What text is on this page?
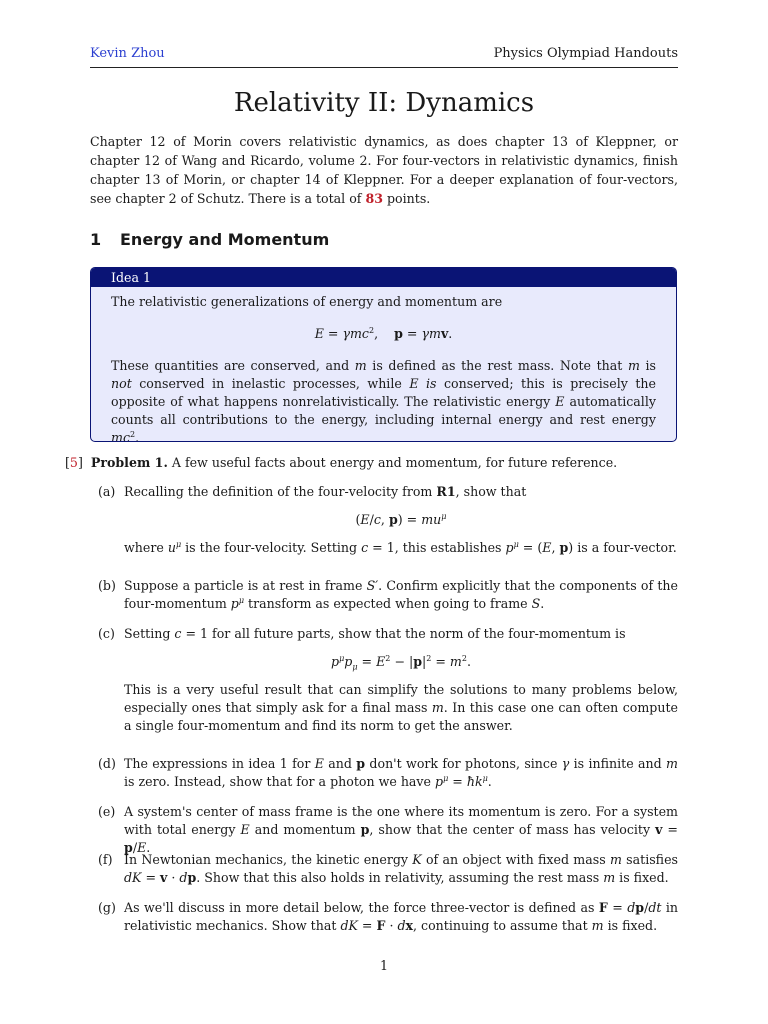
Kevin Zhou	Physics Olympiad Handouts
Relativity II: Dynamics

Chapter 12 of Morin covers relativistic dynamics, as does chapter 13 of Kleppner, or chapter 12 of Wang and Ricardo, volume 2. For four-vectors in relativistic dynamics, finish chapter 13 of Morin, or chapter 14 of Kleppner. For a deeper explanation of four-vectors, see chapter 2 of Schutz. There is a total of 83 points.

1 Energy and Momentum
Idea 1

The relativistic generalizations of energy and momentum are

E = γmc$^2$,    p = γmv.

These quantities are conserved, and m is defined as the rest mass. Note that m is not conserved in inelastic processes, while E is conserved; this is precisely the opposite of what happens nonrelativistically. The relativistic energy E automatically counts all contributions to the energy, including internal energy and rest energy $mc^2$.

[5]  Problem 1. A few useful facts about energy and momentum, for future reference.
(a) Recalling the definition of the four-velocity from R1, show that

(E/c, $p) = mu^\mu$

where $u^\mu$ is the four-velocity. Setting c = 1, this establishes $p^\mu = (E$, p) is a four-vector.

(b) Suppose a particle is at rest in frame S′. Confirm explicitly that the components of the four-momentum $p^\mu$ transform as expected when going to frame S.

(c) Setting c = 1 for all future parts, show that the norm of the four-momentum is

$p^\mu p_\mu = E^2 - |p|^2 = m^2$.

This is a very useful result that can simplify the solutions to many problems below, especially ones that simply ask for a final mass m. In this case one can often compute a single four-momentum and find its norm to get the answer.

(d) The expressions in idea 1 for E and p don't work for photons, since γ is infinite and m is zero. Instead, show that for a photon we have $p^\mu$ = $ħk^\mu$.

(e) A system's center of mass frame is the one where its momentum is zero. For a system with total energy E and momentum p, show that the center of mass has velocity v = p/E.

(f) In Newtonian mechanics, the kinetic energy K of an object with fixed mass m satisfies dK = v · dp. Show that this also holds in relativity, assuming the rest mass m is fixed.

(g) As we'll discuss in more detail below, the force three-vector is defined as F = dp/dt in relativistic mechanics. Show that dK = F · dx, continuing to assume that m is fixed.

1
